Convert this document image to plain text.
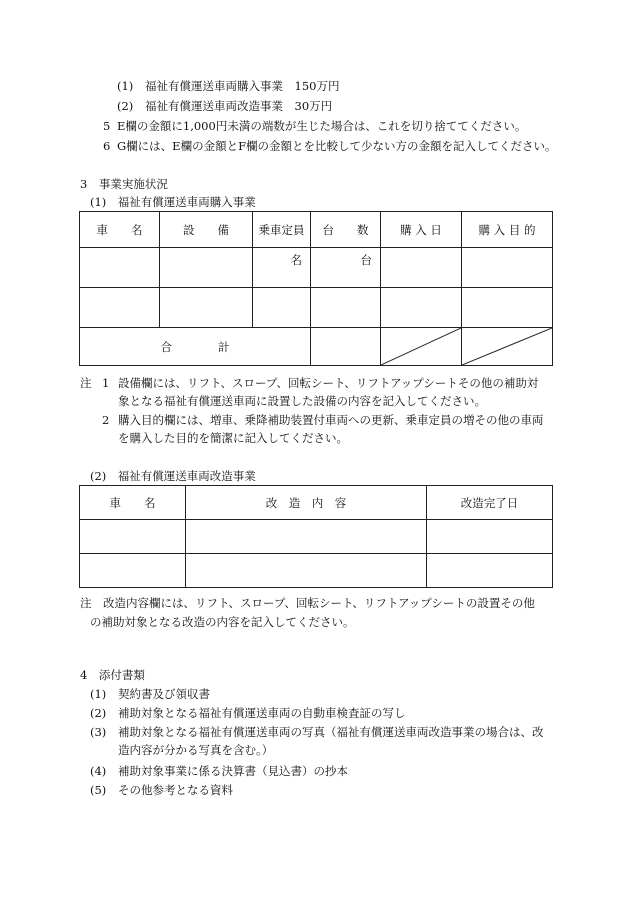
(1) 福祉有償運送車両購入事業　150万円
(2) 福祉有償運送車両改造事業　30万円
5 E欄の金額に1,000円未満の端数が生じた場合は、これを切り捨ててください。
6 G欄には、E欄の金額とF欄の金額とを比較して少ない方の金額を記入してください。
3　事業実施状況
(1)　福祉有償運送車両購入事業
車　　名	設　　備	乗車定員	台　　数	購 入 日	購 入 目 的
		名	台		

合　　　　計		

注 1 設備欄には、リフト、スロープ、回転シート、リフトアップシートその他の補助対
象となる福祉有償運送車両に設置した設備の内容を記入してください。
2 購入目的欄には、増車、乗降補助装置付車両への更新、乗車定員の増その他の車両
を購入した目的を簡潔に記入してください。
(2)　福祉有償運送車両改造事業
車　　名	改　造　内　容	改造完了日

注　改造内容欄には、リフト、スロープ、回転シート、リフトアップシートの設置その他
の補助対象となる改造の内容を記入してください。
4　添付書類
(1) 契約書及び領収書
(2) 補助対象となる福祉有償運送車両の自動車検査証の写し
(3) 補助対象となる福祉有償運送車両の写真（福祉有償運送車両改造事業の場合は、改
造内容が分かる写真を含む。）
(4) 補助対象事業に係る決算書（見込書）の抄本
(5) その他参考となる資料
